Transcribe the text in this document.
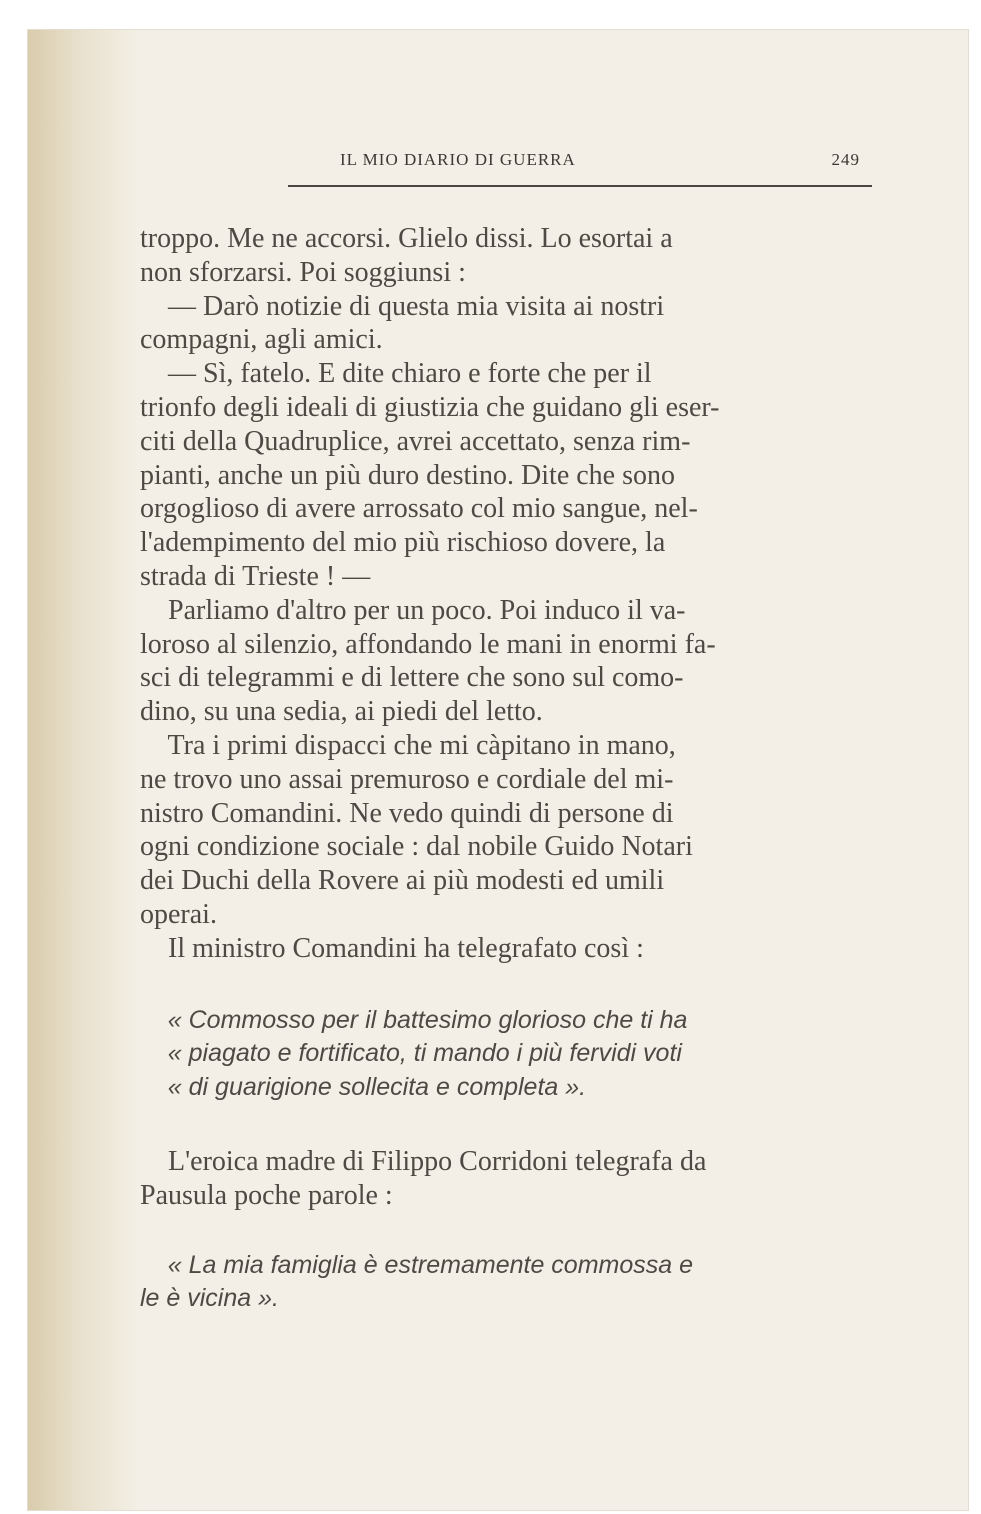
IL MIO DIARIO DI GUERRA	249
troppo. Me ne accorsi. Glielo dissi. Lo esortai a
non sforzarsi. Poi soggiunsi :
— Darò notizie di questa mia visita ai nostri
compagni, agli amici.
— Sì, fatelo. E dite chiaro e forte che per il
trionfo degli ideali di giustizia che guidano gli eser-
citi della Quadruplice, avrei accettato, senza rim-
pianti, anche un più duro destino. Dite che sono
orgoglioso di avere arrossato col mio sangue, nel-
l'adempimento del mio più rischioso dovere, la
strada di Trieste ! —
Parliamo d'altro per un poco. Poi induco il va-
loroso al silenzio, affondando le mani in enormi fa-
sci di telegrammi e di lettere che sono sul como-
dino, su una sedia, ai piedi del letto.
Tra i primi dispacci che mi càpitano in mano,
ne trovo uno assai premuroso e cordiale del mi-
nistro Comandini. Ne vedo quindi di persone di
ogni condizione sociale : dal nobile Guido Notari
dei Duchi della Rovere ai più modesti ed umili
operai.
Il ministro Comandini ha telegrafato così :
« Commosso per il battesimo glorioso che ti ha
« piagato e fortificato, ti mando i più fervidi voti
« di guarigione sollecita e completa ».
L'eroica madre di Filippo Corridoni telegrafa da
Pausula poche parole :
« La mia famiglia è estremamente commossa e
le è vicina ».
